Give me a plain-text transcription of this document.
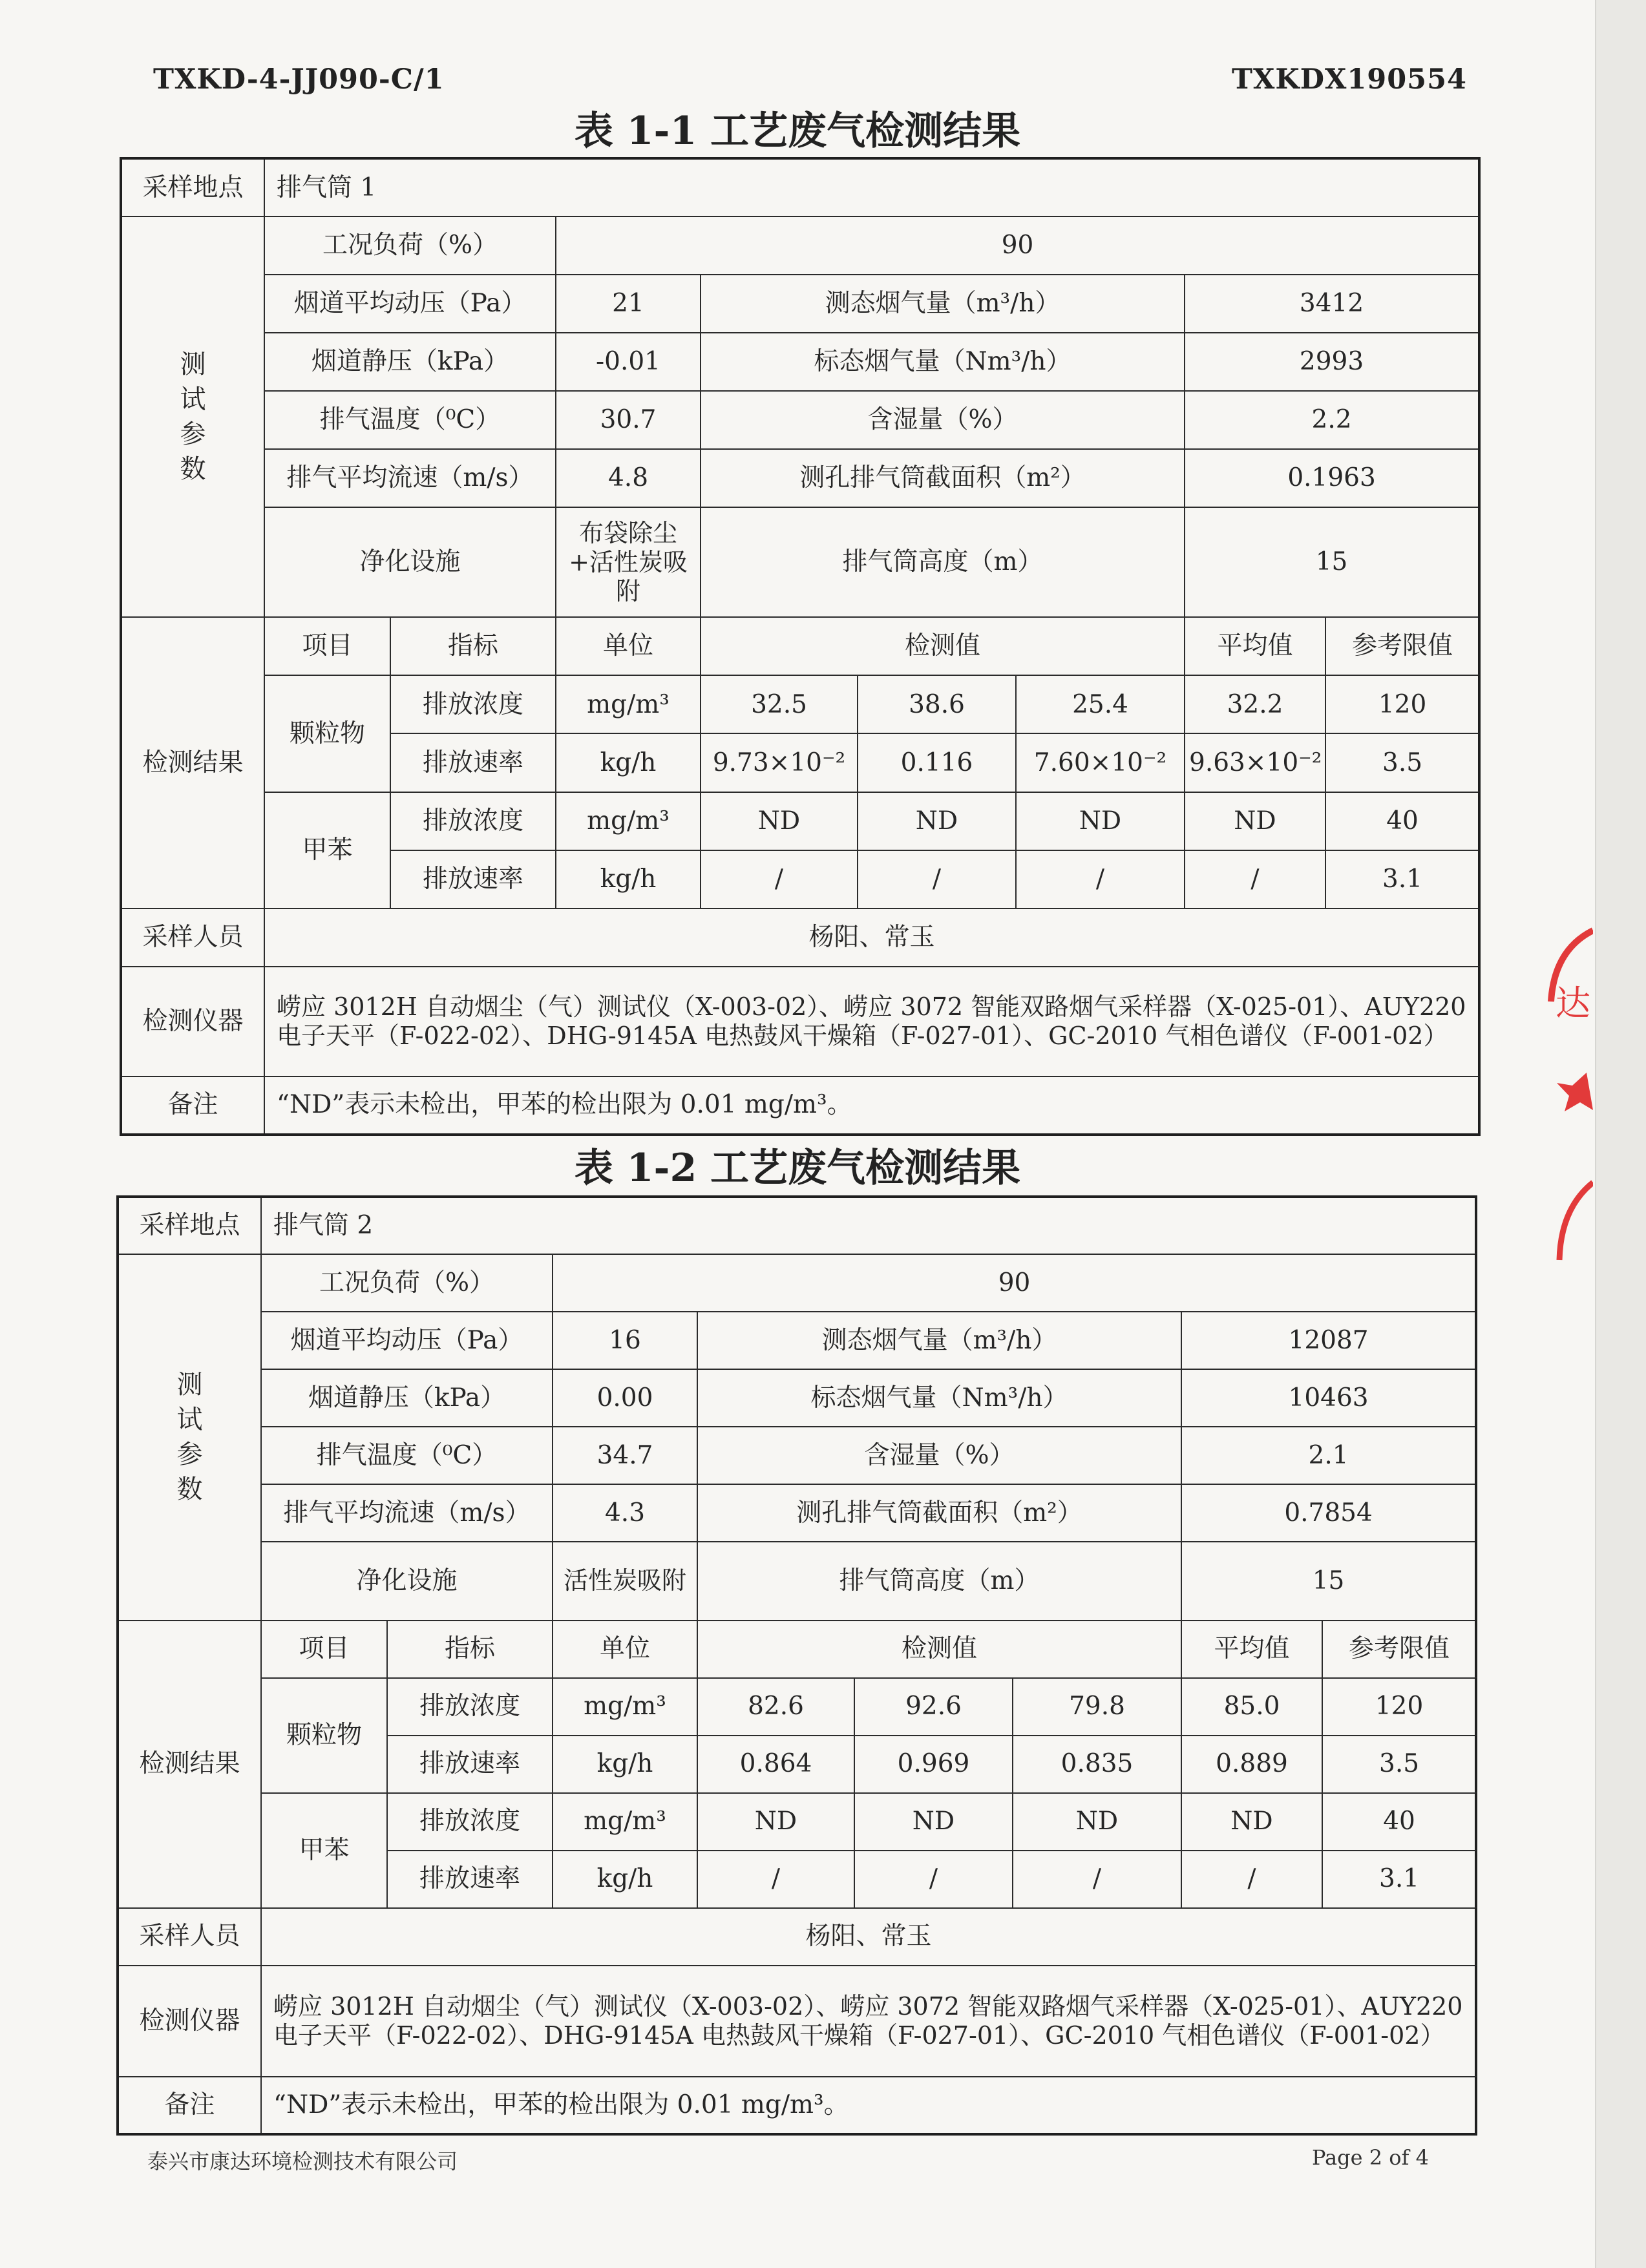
TXKD-4-JJ090-C/1	TXKDX190554
表 1-1 工艺废气检测结果
采样地点	排气筒 1							
测试参数	工况负荷（%）		90					
	烟道平均动压（Pa）		21	测态烟气量（m³/h）			3412	
	烟道静压（kPa）		-0.01	标态烟气量（Nm³/h）			2993	
	排气温度（⁰C）		30.7	含湿量（%）			2.2	
	排气平均流速（m/s）		4.8	测孔排气筒截面积（m²）			0.1963	
	净化设施		布袋除尘+活性炭吸附	排气筒高度（m）			15	
检测结果	项目	指标	单位	检测值			平均值	参考限值
	颗粒物	排放浓度	mg/m³	32.5	38.6	25.4	32.2	120
		排放速率	kg/h	9.73×10⁻²	0.116	7.60×10⁻²	9.63×10⁻²	3.5
	甲苯	排放浓度	mg/m³	ND	ND	ND	ND	40
		排放速率	kg/h	/	/	/	/	3.1
采样人员	杨阳、常玉							
检测仪器	崂应 3012H 自动烟尘（气）测试仪（X-003-02）、崂应 3072 智能双路烟气采样器（X-025-01）、AUY220 电子天平（F-022-02）、DHG-9145A 电热鼓风干燥箱（F-027-01）、GC-2010 气相色谱仪（F-001-02）							
备注	“ND”表示未检出，甲苯的检出限为 0.01 mg/m³。							
表 1-2 工艺废气检测结果
采样地点	排气筒 2							
测试参数	工况负荷（%）		90					
	烟道平均动压（Pa）		16	测态烟气量（m³/h）			12087	
	烟道静压（kPa）		0.00	标态烟气量（Nm³/h）			10463	
	排气温度（⁰C）		34.7	含湿量（%）			2.1	
	排气平均流速（m/s）		4.3	测孔排气筒截面积（m²）			0.7854	
	净化设施		活性炭吸附	排气筒高度（m）			15	
检测结果	项目	指标	单位	检测值			平均值	参考限值
	颗粒物	排放浓度	mg/m³	82.6	92.6	79.8	85.0	120
		排放速率	kg/h	0.864	0.969	0.835	0.889	3.5
	甲苯	排放浓度	mg/m³	ND	ND	ND	ND	40
		排放速率	kg/h	/	/	/	/	3.1
采样人员	杨阳、常玉							
检测仪器	崂应 3012H 自动烟尘（气）测试仪（X-003-02）、崂应 3072 智能双路烟气采样器（X-025-01）、AUY220 电子天平（F-022-02）、DHG-9145A 电热鼓风干燥箱（F-027-01）、GC-2010 气相色谱仪（F-001-02）							
备注	“ND”表示未检出，甲苯的检出限为 0.01 mg/m³。							
泰兴市康达环境检测技术有限公司	Page 2 of 4
达
